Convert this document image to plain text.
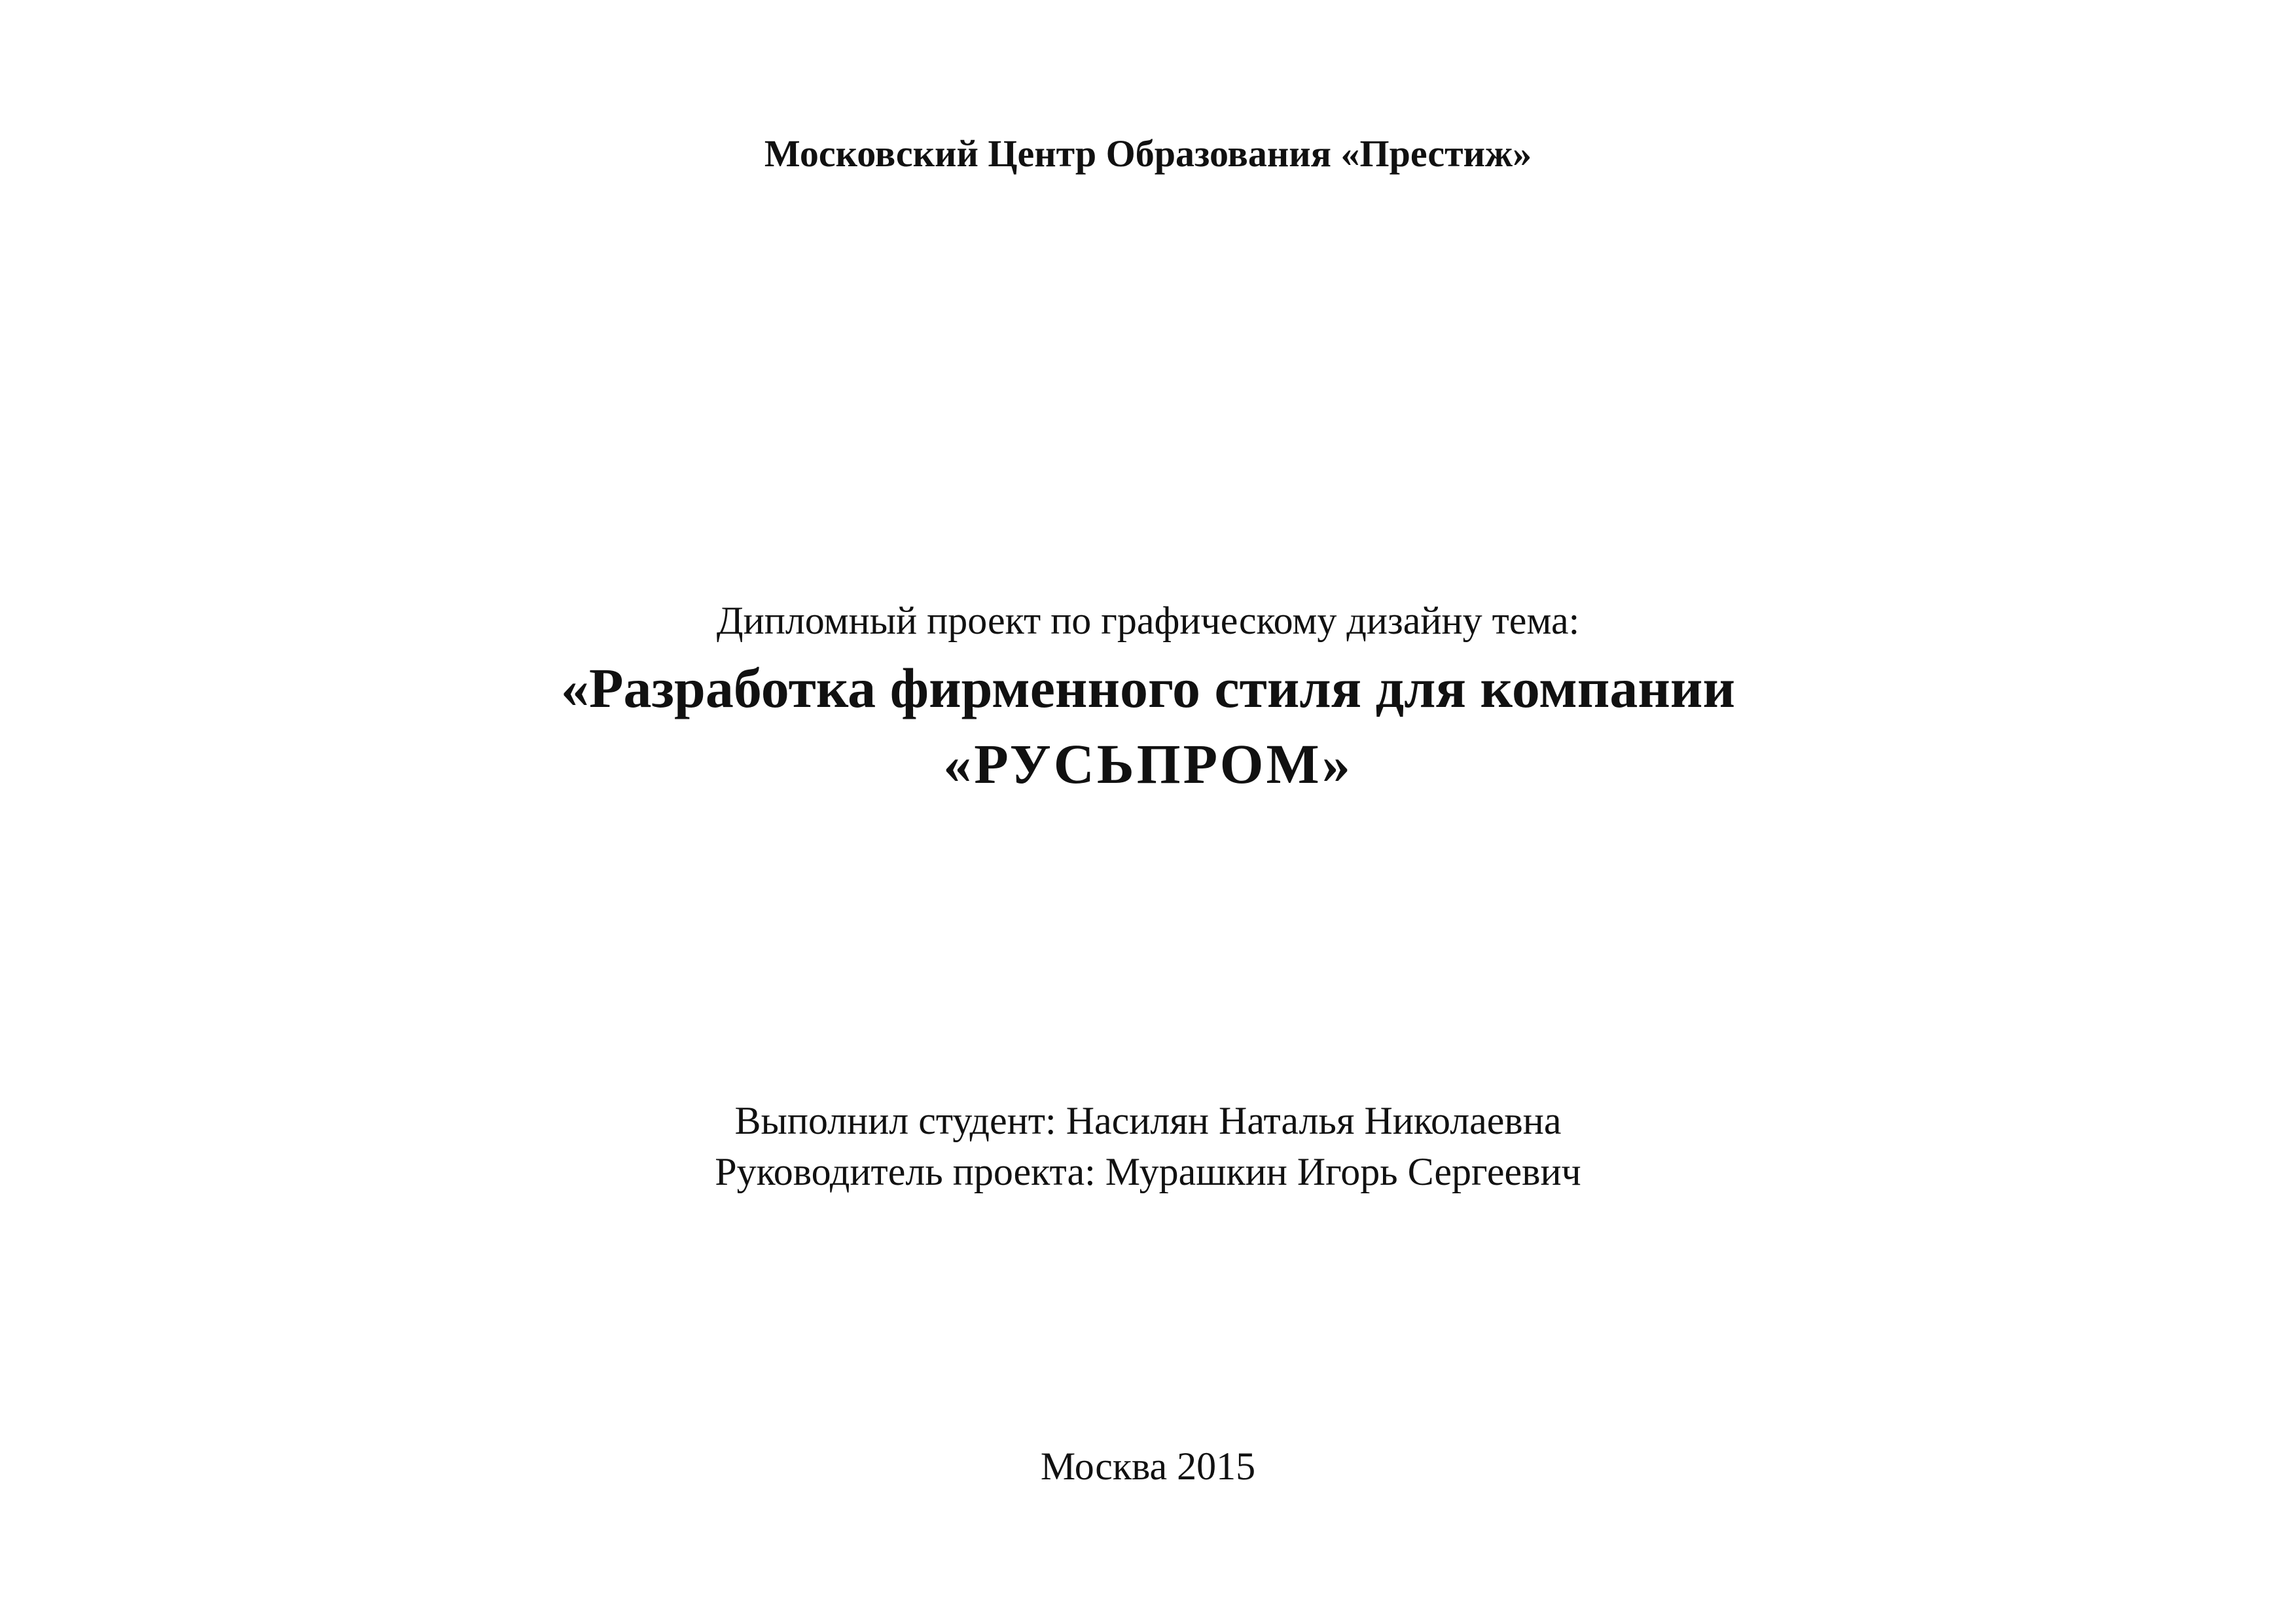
Московский Центр Образования «Престиж»
Дипломный проект по графическому дизайну тема:
«Разработка фирменного стиля для компании
«РУСЬПРОМ»
Выполнил студент: Насилян Наталья Николаевна
Руководитель проекта: Мурашкин Игорь Сергеевич
Москва 2015
